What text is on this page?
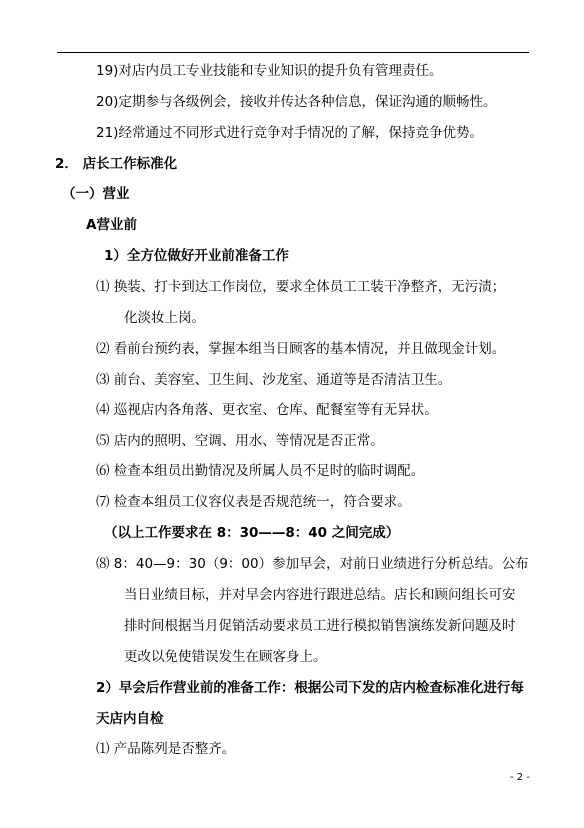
19)对店内员工专业技能和专业知识的提升负有管理责任。
20)定期参与各级例会，接收并传达各种信息，保证沟通的顺畅性。
21)经常通过不同形式进行竞争对手情况的了解，保持竞争优势。
2． 店长工作标准化
（一）营业
A营业前
1）全方位做好开业前准备工作
⑴ 换装、打卡到达工作岗位，要求全体员工工装干净整齐，无污渍；
化淡妆上岗。
⑵ 看前台预约表，掌握本组当日顾客的基本情况，并且做现金计划。
⑶ 前台、美容室、卫生间、沙龙室、通道等是否清洁卫生。
⑷ 巡视店内各角落、更衣室、仓库、配餐室等有无异状。
⑸ 店内的照明、空调、用水、等情况是否正常。
⑹ 检查本组员出勤情况及所属人员不足时的临时调配。
⑺ 检查本组员工仪容仪表是否规范统一，符合要求。
（以上工作要求在 8：30——8：40 之间完成）
⑻ 8：40—9：30（9：00）参加早会，对前日业绩进行分析总结。公布
当日业绩目标，并对早会内容进行跟进总结。店长和顾问组长可安
排时间根据当月促销活动要求员工进行模拟销售演练发新问题及时
更改以免使错误发生在顾客身上。
2）早会后作营业前的准备工作：根据公司下发的店内检查标准化进行每
天店内自检
⑴ 产品陈列是否整齐。
- 2 -
